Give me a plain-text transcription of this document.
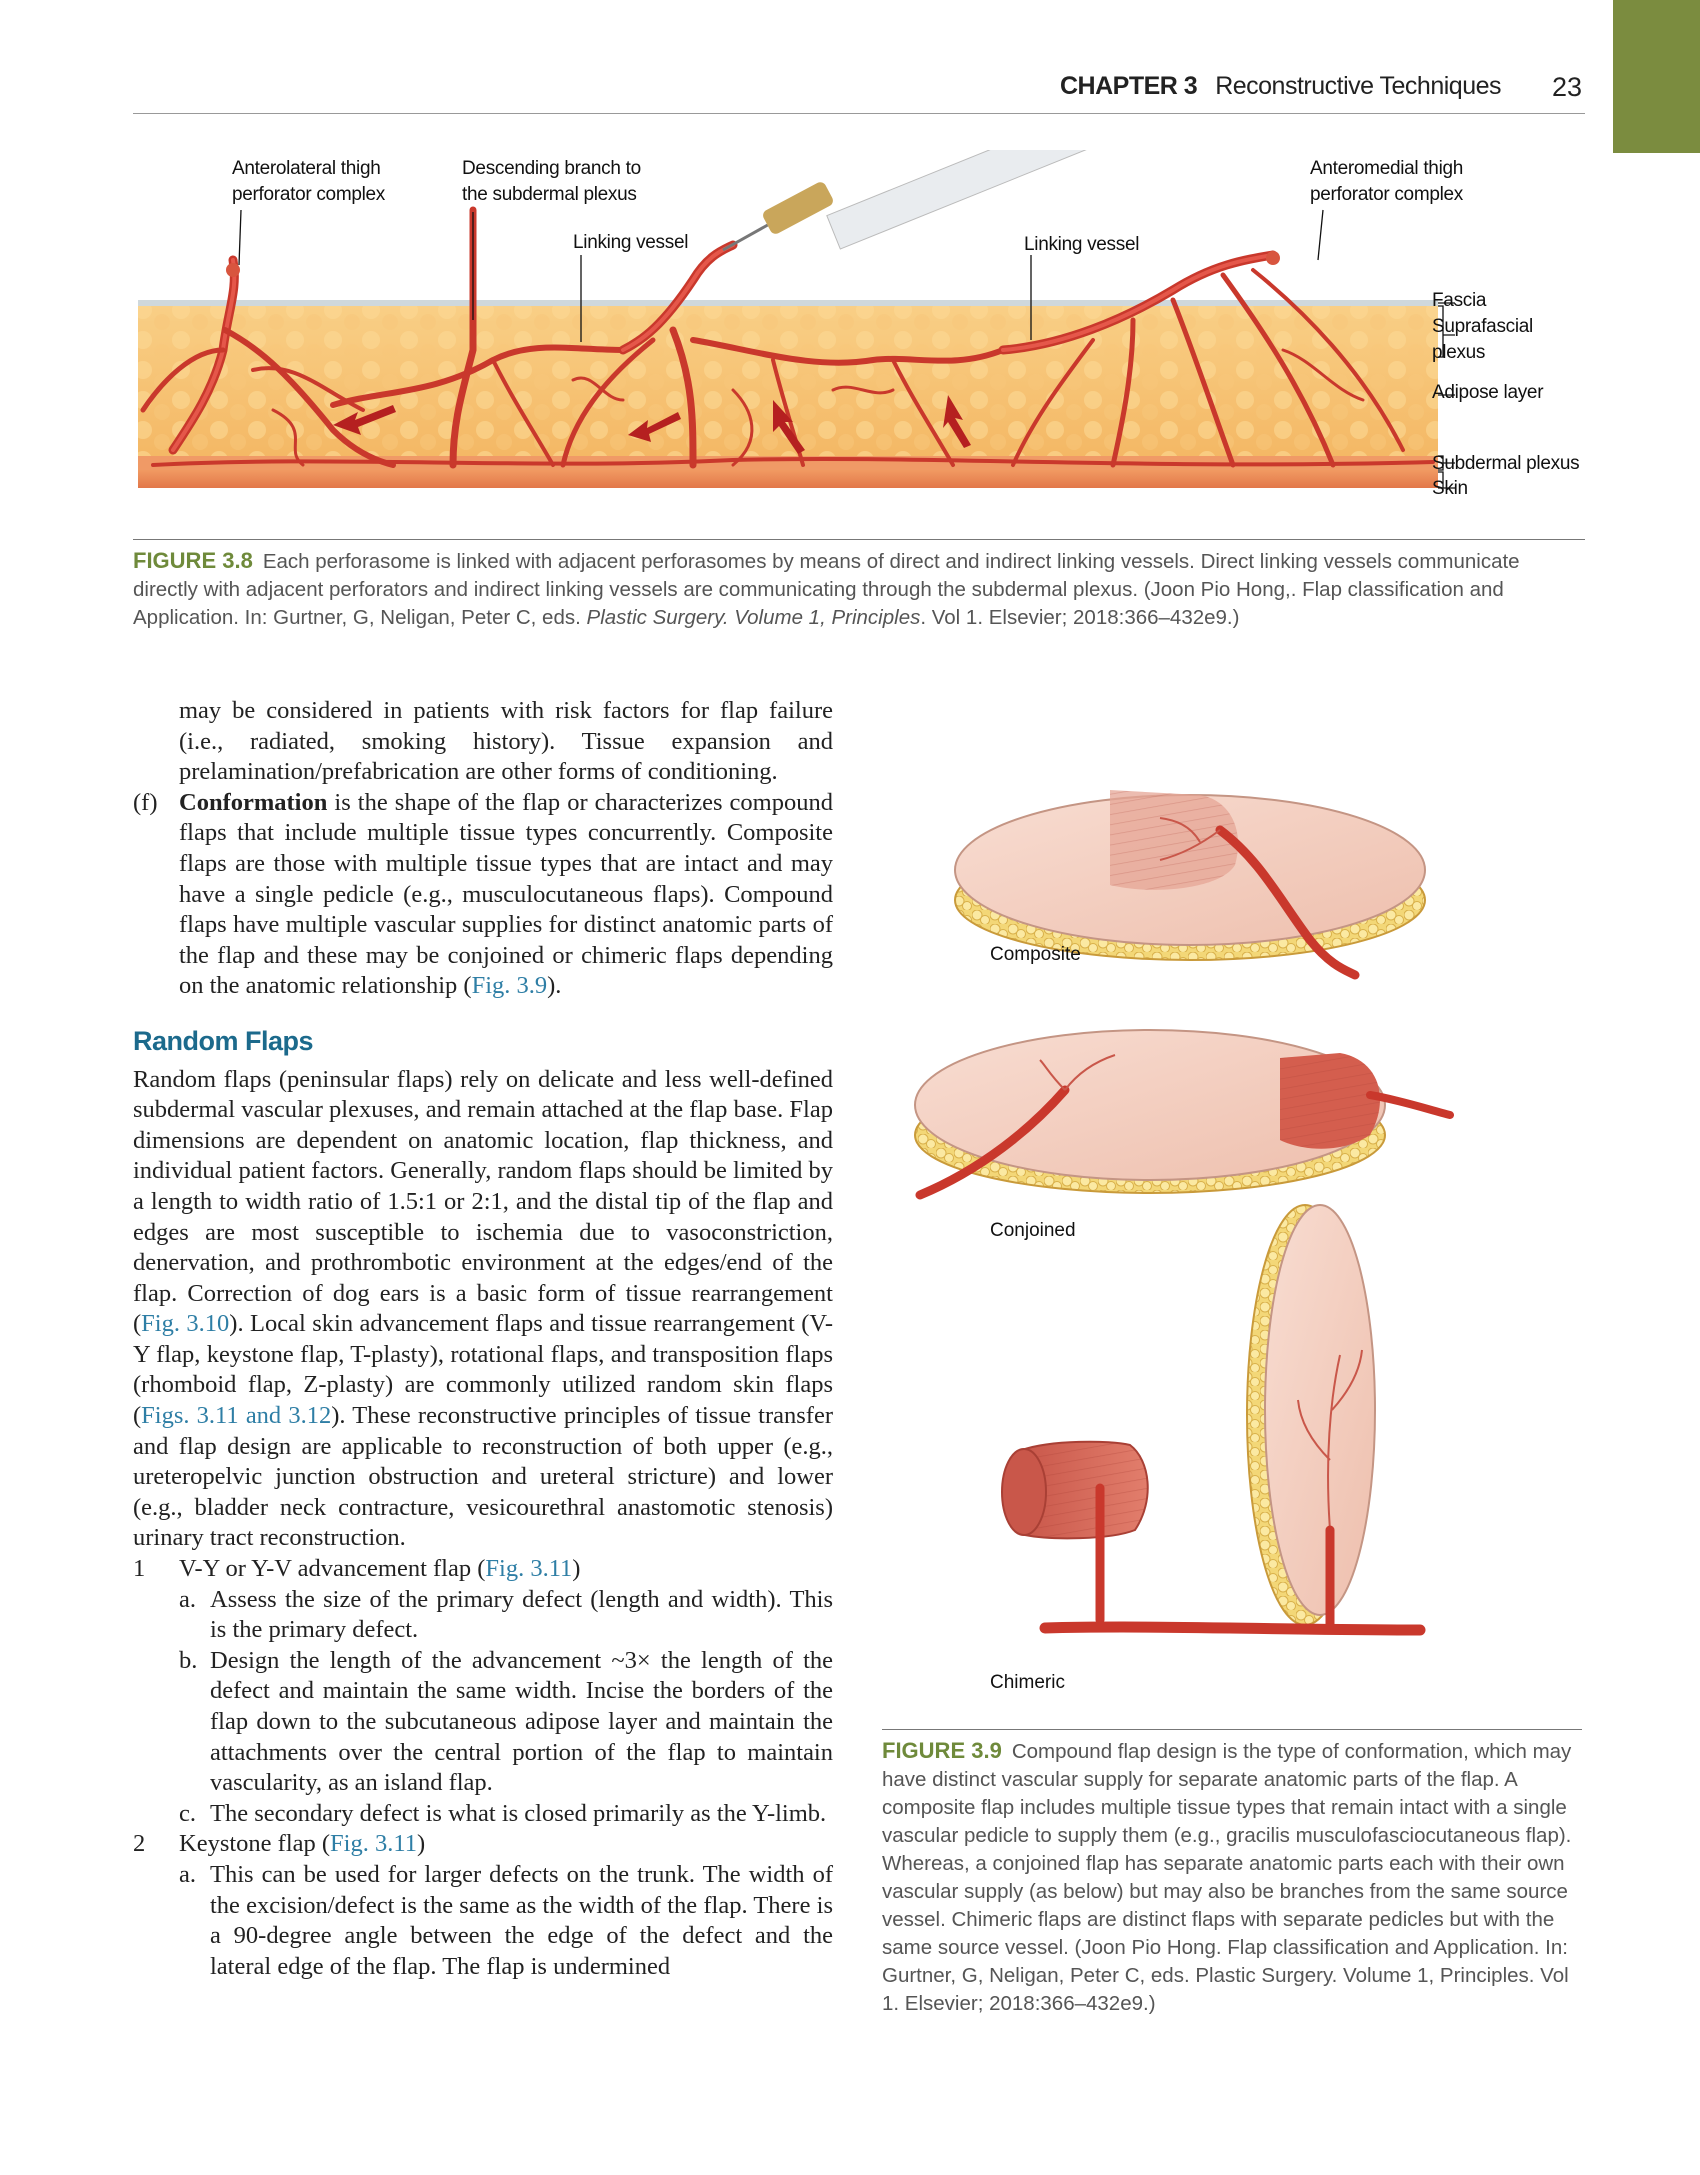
CHAPTER 3 Reconstructive Techniques 23
Anterolateral thigh
perforator complex
Descending branch to
the subdermal plexus
Linking vessel	Linking vessel
Anteromedial thigh
perforator complex
Fascia
Suprafascial
plexus
Adipose layer
Subdermal plexus
Skin
FIGURE 3.8 Each perforasome is linked with adjacent perforasomes by means of direct and indirect linking vessels. Direct linking vessels communicate directly with adjacent perforators and indirect linking vessels are communicating through the subdermal plexus. (Joon Pio Hong,. Flap classification and Application. In: Gurtner, G, Neligan, Peter C, eds. Plastic Surgery. Volume 1, Principles. Vol 1. Elsevier; 2018:366–432e9.)

may be considered in patients with risk factors for flap failure (i.e., radiated, smoking history). Tissue expansion and prelamination/prefabrication are other forms of conditioning.

(f) Conformation is the shape of the flap or characterizes compound flaps that include multiple tissue types concurrently. Composite flaps are those with multiple tissue types that are intact and may have a single pedicle (e.g., musculocutaneous flaps). Compound flaps have multiple vascular supplies for distinct anatomic parts of the flap and these may be conjoined or chimeric flaps depending on the anatomic relationship (Fig. 3.9).

Random Flaps

Random flaps (peninsular flaps) rely on delicate and less well-defined subdermal vascular plexuses, and remain attached at the flap base. Flap dimensions are dependent on anatomic location, flap thickness, and individual patient factors. Generally, random flaps should be limited by a length to width ratio of 1.5:1 or 2:1, and the distal tip of the flap and edges are most susceptible to ischemia due to vasoconstriction, denervation, and prothrombotic environment at the edges/end of the flap. Correction of dog ears is a basic form of tissue rearrangement (Fig. 3.10). Local skin advancement flaps and tissue rearrangement (V-Y flap, keystone flap, T-plasty), rotational flaps, and transposition flaps (rhomboid flap, Z-plasty) are commonly utilized random skin flaps (Figs. 3.11 and 3.12). These reconstructive principles of tissue transfer and flap design are applicable to reconstruction of both upper (e.g., ureteropelvic junction obstruction and ureteral stricture) and lower (e.g., bladder neck contracture, vesicourethral anastomotic stenosis) urinary tract reconstruction.

1 V-Y or Y-V advancement flap (Fig. 3.11)

a. Assess the size of the primary defect (length and width). This is the primary defect.

b. Design the length of the advancement ~3× the length of the defect and maintain the same width. Incise the borders of the flap down to the subcutaneous adipose layer and maintain the attachments over the central portion of the flap to maintain vascularity, as an island flap.

c. The secondary defect is what is closed primarily as the Y-limb.

2 Keystone flap (Fig. 3.11)

a. This can be used for larger defects on the trunk. The width of the excision/defect is the same as the width of the flap. There is a 90-degree angle between the edge of the defect and the lateral edge of the flap. The flap is undermined

Composite
Conjoined
Chimeric
FIGURE 3.9 Compound flap design is the type of conformation, which may have distinct vascular supply for separate anatomic parts of the flap. A composite flap includes multiple tissue types that remain intact with a single vascular pedicle to supply them (e.g., gracilis musculofasciocutaneous flap). Whereas, a conjoined flap has separate anatomic parts each with their own vascular supply (as below) but may also be branches from the same source vessel. Chimeric flaps are distinct flaps with separate pedicles but with the same source vessel. (Joon Pio Hong. Flap classification and Application. In: Gurtner, G, Neligan, Peter C, eds. Plastic Surgery. Volume 1, Principles. Vol 1. Elsevier; 2018:366–432e9.)
